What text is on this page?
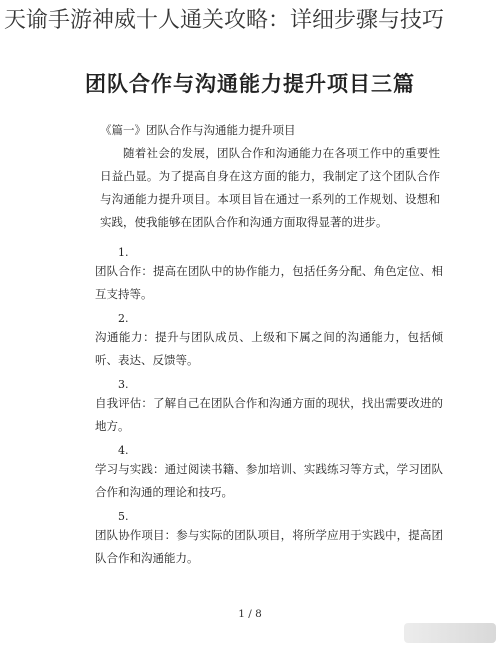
天谕手游神威十人通关攻略：详细步骤与技巧
团队合作与沟通能力提升项目三篇

《篇一》团队合作与沟通能力提升项目

随着社会的发展，团队合作和沟通能力在各项工作中的重要性日益凸显。为了提高自身在这方面的能力，我制定了这个团队合作与沟通能力提升项目。本项目旨在通过一系列的工作规划、设想和实践，使我能够在团队合作和沟通方面取得显著的进步。

1.

团队合作：提高在团队中的协作能力，包括任务分配、角色定位、相互支持等。

2.

沟通能力：提升与团队成员、上级和下属之间的沟通能力，包括倾听、表达、反馈等。

3.

自我评估：了解自己在团队合作和沟通方面的现状，找出需要改进的地方。

4.

学习与实践：通过阅读书籍、参加培训、实践练习等方式，学习团队合作和沟通的理论和技巧。

5.

团队协作项目：参与实际的团队项目，将所学应用于实践中，提高团队合作和沟通能力。

1 / 8
